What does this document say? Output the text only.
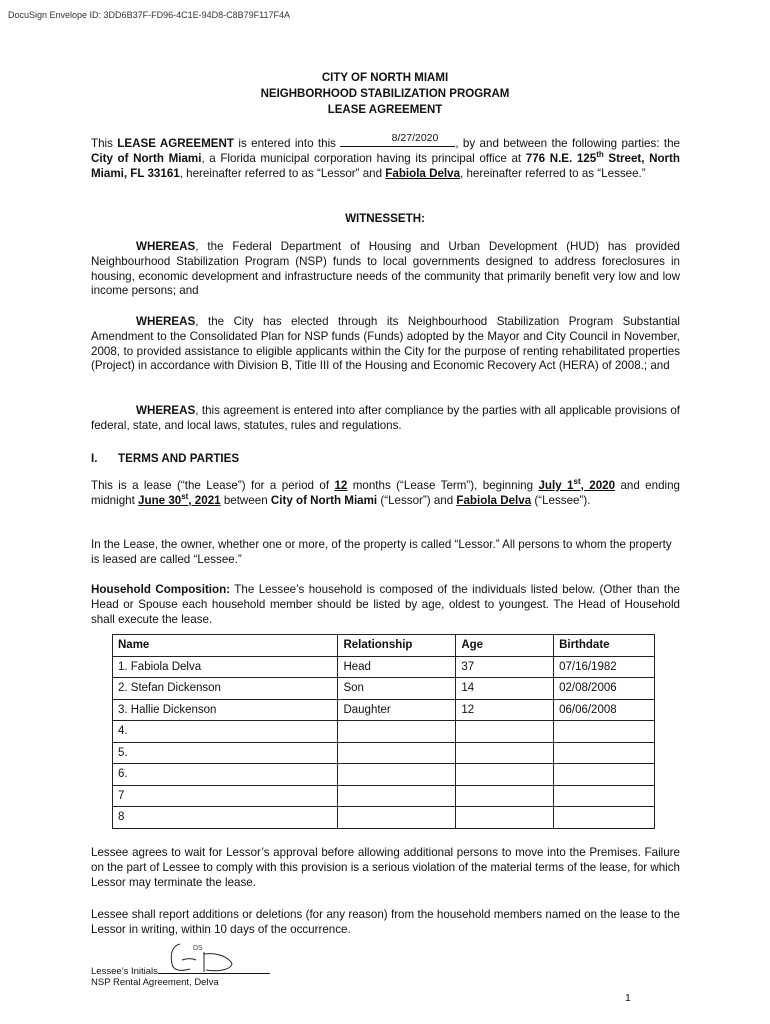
DocuSign Envelope ID: 3DD6B37F-FD96-4C1E-94D8-C8B79F117F4A
CITY OF NORTH MIAMI
NEIGHBORHOOD STABILIZATION PROGRAM
LEASE AGREEMENT
8/27/2020
This LEASE AGREEMENT is entered into this	, by and between the following parties: the City of North Miami, a Florida municipal corporation having its principal office at 776 N.E. 125th Street, North Miami, FL 33161, hereinafter referred to as “Lessor” and Fabiola Delva, hereinafter referred to as “Lessee.”
WITNESSETH:
WHEREAS, the Federal Department of Housing and Urban Development (HUD) has provided Neighbourhood Stabilization Program (NSP) funds to local governments designed to address foreclosures in housing, economic development and infrastructure needs of the community that primarily benefit very low and low income persons; and
WHEREAS, the City has elected through its Neighbourhood Stabilization Program Substantial Amendment to the Consolidated Plan for NSP funds (Funds) adopted by the Mayor and City Council in November, 2008, to provided assistance to eligible applicants within the City for the purpose of renting rehabilitated properties (Project) in accordance with Division B, Title III of the Housing and Economic Recovery Act (HERA) of 2008.; and
WHEREAS, this agreement is entered into after compliance by the parties with all applicable provisions of federal, state, and local laws, statutes, rules and regulations.
I. TERMS AND PARTIES
This is a lease (“the Lease”) for a period of 12 months (“Lease Term”), beginning July 1st, 2020 and ending midnight June 30st, 2021 between City of North Miami (“Lessor”) and Fabiola Delva (“Lessee”).
In the Lease, the owner, whether one or more, of the property is called “Lessor.” All persons to whom the property is leased are called “Lessee.”
Household Composition: The Lessee’s household is composed of the individuals listed below. (Other than the Head or Spouse each household member should be listed by age, oldest to youngest. The Head of Household shall execute the lease.
Name	Relationship	Age	Birthdate
1. Fabiola Delva	Head	37	07/16/1982
2. Stefan Dickenson	Son	14	02/08/2006
3. Hallie Dickenson	Daughter	12	06/06/2008
4.			
5.			
6.			
7			
8			
Lessee agrees to wait for Lessor’s approval before allowing additional persons to move into the Premises. Failure on the part of Lessee to comply with this provision is a serious violation of the material terms of the lease, for which Lessor may terminate the lease.
Lessee shall report additions or deletions (for any reason) from the household members named on the lease to the Lessor in writing, within 10 days of the occurrence.
DS
Lessee’s Initials
NSP Rental Agreement, Delva
1
